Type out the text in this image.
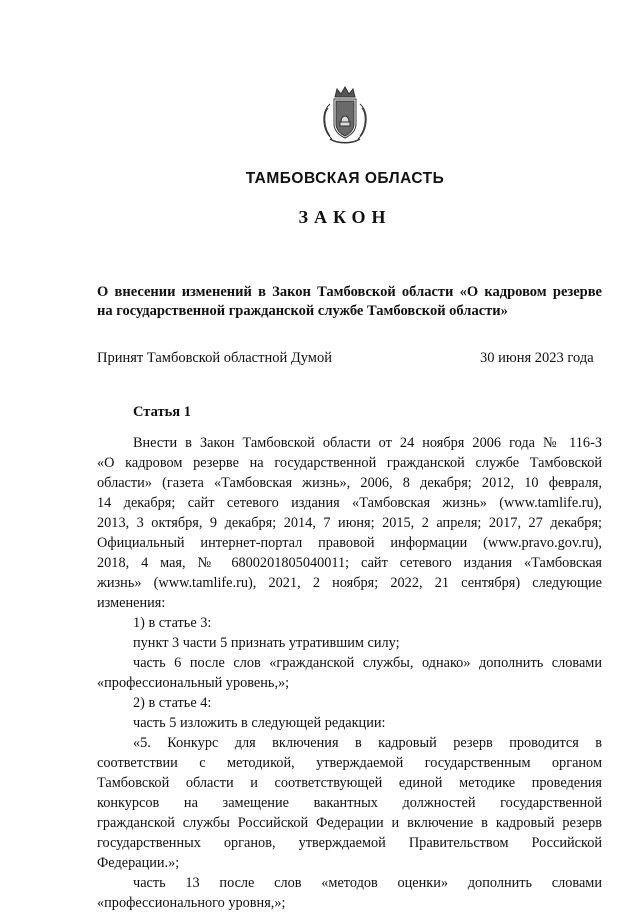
ТАМБОВСКАЯ ОБЛАСТЬ
ЗАКОН
О внесении изменений в Закон Тамбовской области «О кадровом резерве
на государственной гражданской службе Тамбовской области»
Принят Тамбовской областной Думой	30 июня 2023 года
Статья 1
Внести в Закон Тамбовской области от 24 ноября 2006 года № 116-З
«О кадровом резерве на государственной гражданской службе Тамбовской
области» (газета «Тамбовская жизнь», 2006, 8 декабря; 2012, 10 февраля,
14 декабря; сайт сетевого издания «Тамбовская жизнь» (www.tamlife.ru),
2013, 3 октября, 9 декабря; 2014, 7 июня; 2015, 2 апреля; 2017, 27 декабря;
Официальный интернет-портал правовой информации (www.pravo.gov.ru),
2018, 4 мая, № 6800201805040011; сайт сетевого издания «Тамбовская
жизнь» (www.tamlife.ru), 2021, 2 ноября; 2022, 21 сентября) следующие
изменения:
1) в статье 3:
пункт 3 части 5 признать утратившим силу;
часть 6 после слов «гражданской службы, однако» дополнить словами
«профессиональный уровень,»;
2) в статье 4:
часть 5 изложить в следующей редакции:
«5. Конкурс для включения в кадровый резерв проводится в
соответствии с методикой, утверждаемой государственным органом
Тамбовской области и соответствующей единой методике проведения
конкурсов на замещение вакантных должностей государственной
гражданской службы Российской Федерации и включение в кадровый резерв
государственных органов, утверждаемой Правительством Российской
Федерации.»;
часть 13 после слов «методов оценки» дополнить словами
«профессионального уровня,»;
